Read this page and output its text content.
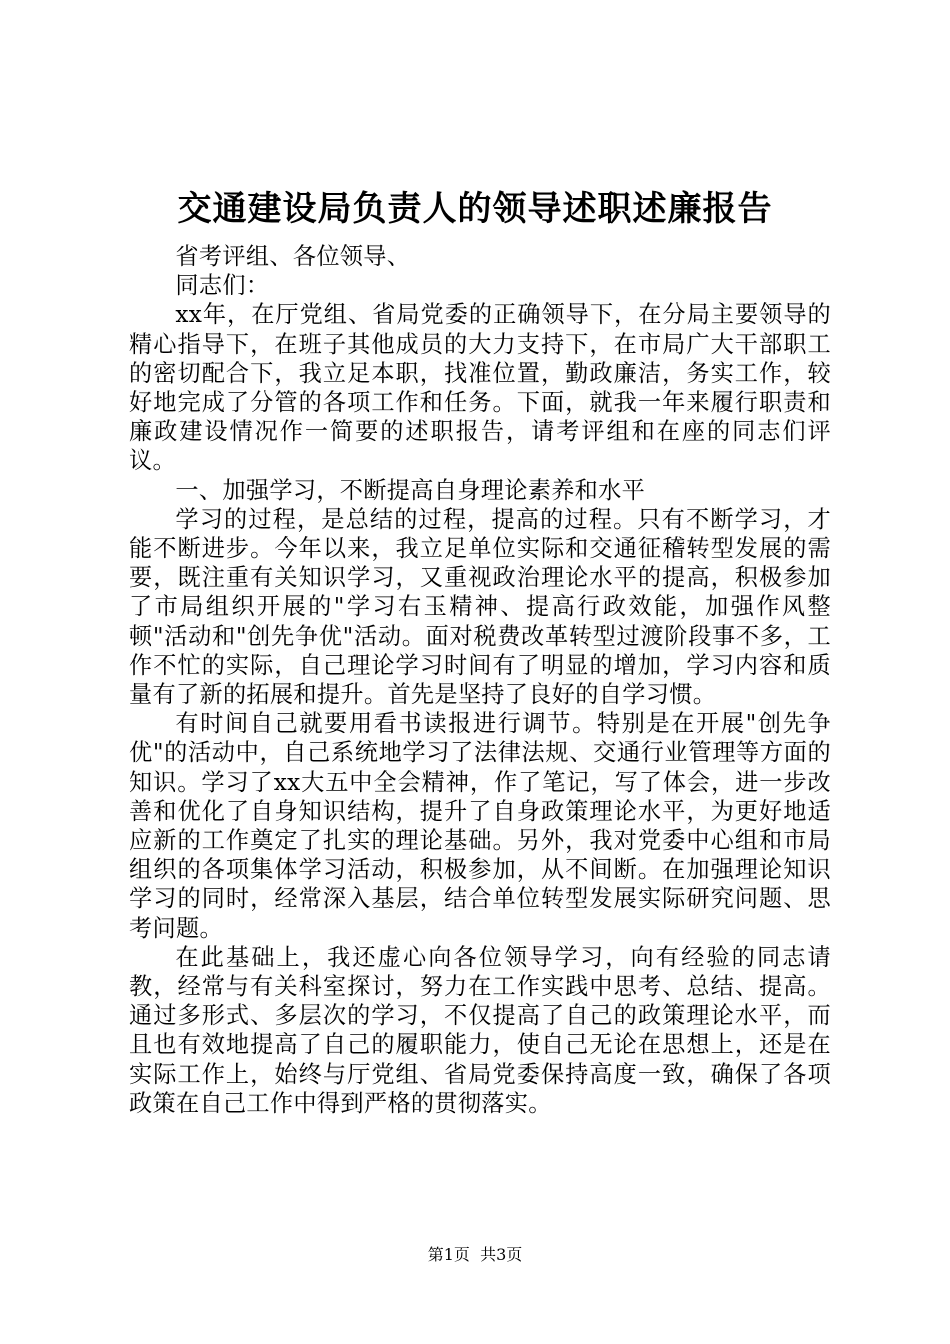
交通建设局负责人的领导述职述廉报告

省考评组、各位领导、

同志们：

xx年，在厅党组、省局党委的正确领导下，在分局主要领导的精心指导下，在班子其他成员的大力支持下，在市局广大干部职工的密切配合下，我立足本职，找准位置，勤政廉洁，务实工作，较好地完成了分管的各项工作和任务。下面，就我一年来履行职责和廉政建设情况作一简要的述职报告，请考评组和在座的同志们评议。

一、加强学习，不断提高自身理论素养和水平

学习的过程，是总结的过程，提高的过程。只有不断学习，才能不断进步。今年以来，我立足单位实际和交通征稽转型发展的需要，既注重有关知识学习，又重视政治理论水平的提高，积极参加了市局组织开展的"学习右玉精神、提高行政效能，加强作风整顿"活动和"创先争优"活动。面对税费改革转型过渡阶段事不多，工作不忙的实际，自己理论学习时间有了明显的增加，学习内容和质量有了新的拓展和提升。首先是坚持了良好的自学习惯。

有时间自己就要用看书读报进行调节。特别是在开展"创先争优"的活动中，自己系统地学习了法律法规、交通行业管理等方面的知识。学习了xx大五中全会精神，作了笔记，写了体会，进一步改善和优化了自身知识结构，提升了自身政策理论水平，为更好地适应新的工作奠定了扎实的理论基础。另外，我对党委中心组和市局组织的各项集体学习活动，积极参加，从不间断。在加强理论知识学习的同时，经常深入基层，结合单位转型发展实际研究问题、思考问题。

在此基础上，我还虚心向各位领导学习，向有经验的同志请教，经常与有关科室探讨，努力在工作实践中思考、总结、提高。通过多形式、多层次的学习，不仅提高了自己的政策理论水平，而且也有效地提高了自己的履职能力，使自己无论在思想上，还是在实际工作上，始终与厅党组、省局党委保持高度一致，确保了各项政策在自己工作中得到严格的贯彻落实。

第1页  共3页
